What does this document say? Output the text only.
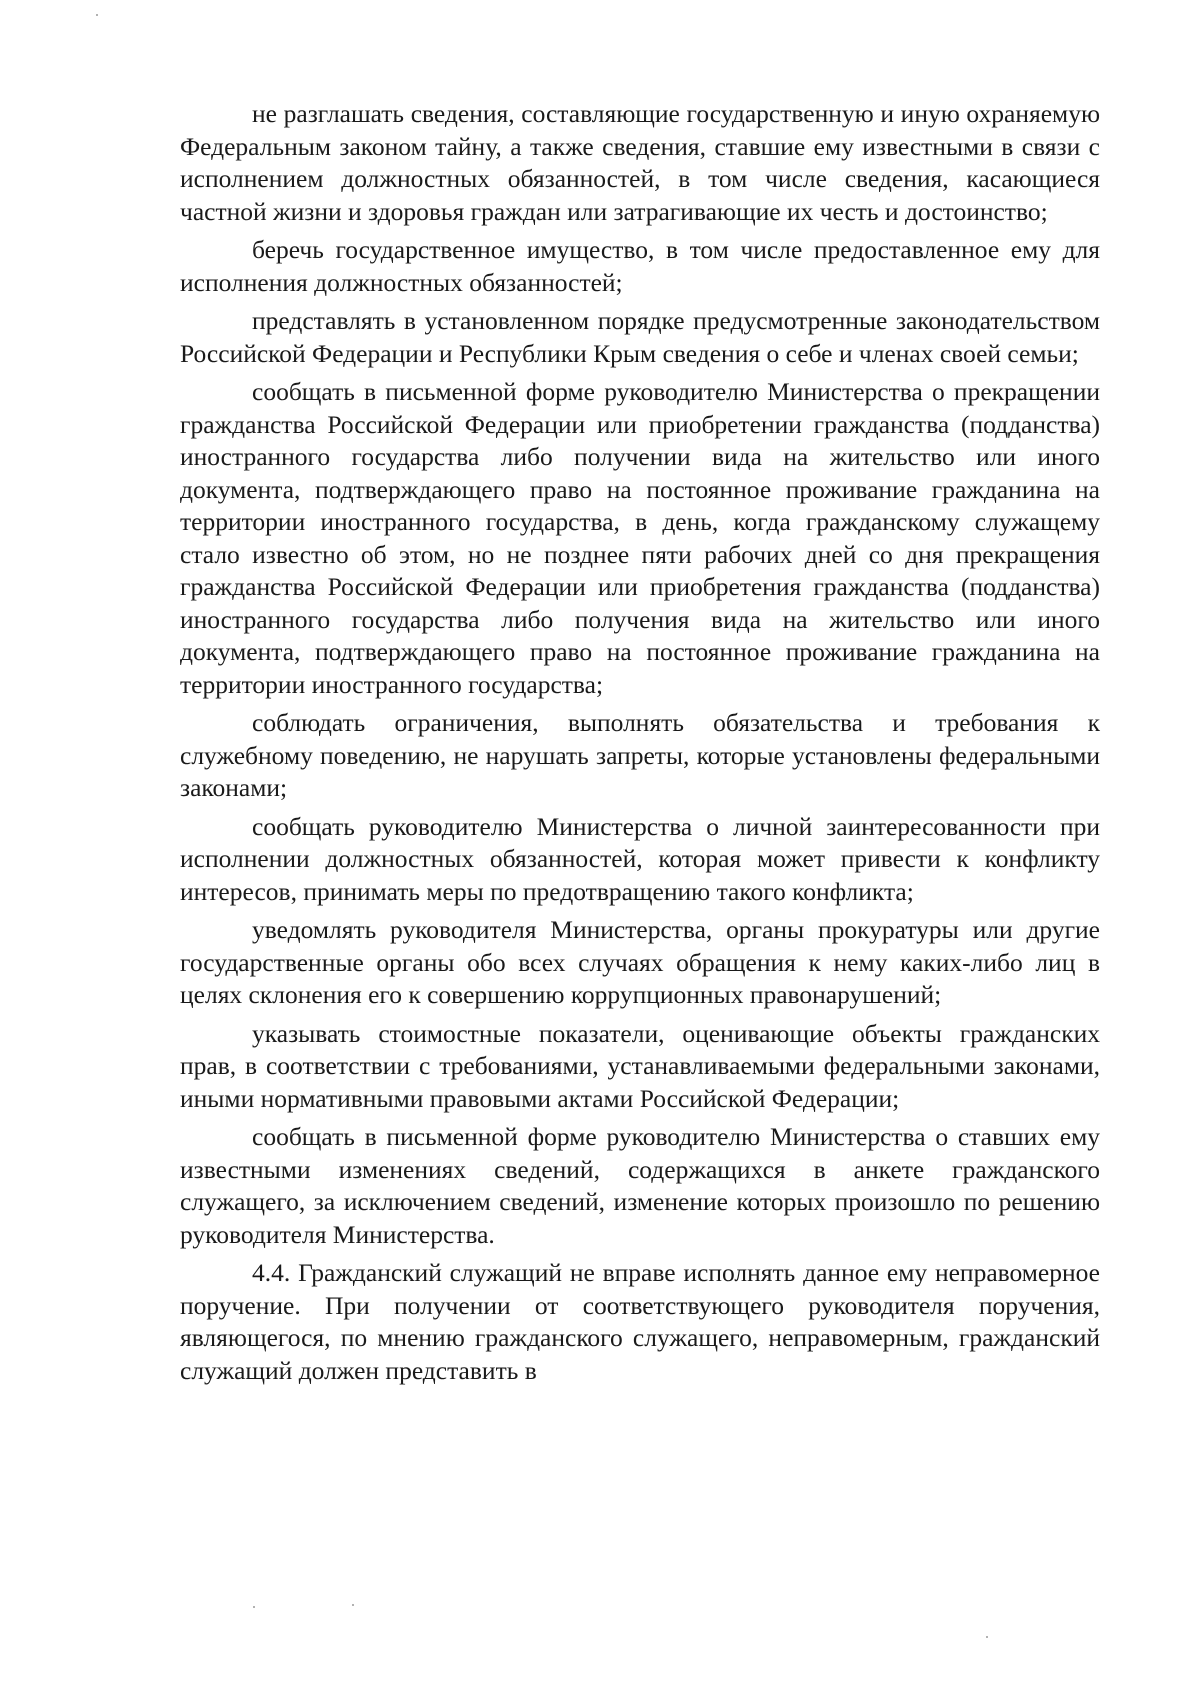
не разглашать сведения, составляющие государственную и иную охраняемую Федеральным законом тайну, а также сведения, ставшие ему известными в связи с исполнением должностных обязанностей, в том числе сведения, касающиеся частной жизни и здоровья граждан или затрагивающие их честь и достоинство;

беречь государственное имущество, в том числе предоставленное ему для исполнения должностных обязанностей;

представлять в установленном порядке предусмотренные законодательством Российской Федерации и Республики Крым сведения о себе и членах своей семьи;

сообщать в письменной форме руководителю Министерства о прекращении гражданства Российской Федерации или приобретении гражданства (подданства) иностранного государства либо получении вида на жительство или иного документа, подтверждающего право на постоянное проживание гражданина на территории иностранного государства, в день, когда гражданскому служащему стало известно об этом, но не позднее пяти рабочих дней со дня прекращения гражданства Российской Федерации или приобретения гражданства (подданства) иностранного государства либо получения вида на жительство или иного документа, подтверждающего право на постоянное проживание гражданина на территории иностранного государства;

соблюдать ограничения, выполнять обязательства и требования к служебному поведению, не нарушать запреты, которые установлены федеральными законами;

сообщать руководителю Министерства о личной заинтересованности при исполнении должностных обязанностей, которая может привести к конфликту интересов, принимать меры по предотвращению такого конфликта;

уведомлять руководителя Министерства, органы прокуратуры или другие государственные органы обо всех случаях обращения к нему каких-либо лиц в целях склонения его к совершению коррупционных правонарушений;

указывать стоимостные показатели, оценивающие объекты гражданских прав, в соответствии с требованиями, устанавливаемыми федеральными законами, иными нормативными правовыми актами Российской Федерации;

сообщать в письменной форме руководителю Министерства о ставших ему известными изменениях сведений, содержащихся в анкете гражданского служащего, за исключением сведений, изменение которых произошло по решению руководителя Министерства.

4.4. Гражданский служащий не вправе исполнять данное ему неправомерное поручение. При получении от соответствующего руководителя поручения, являющегося, по мнению гражданского служащего, неправомерным, гражданский служащий должен представить в
